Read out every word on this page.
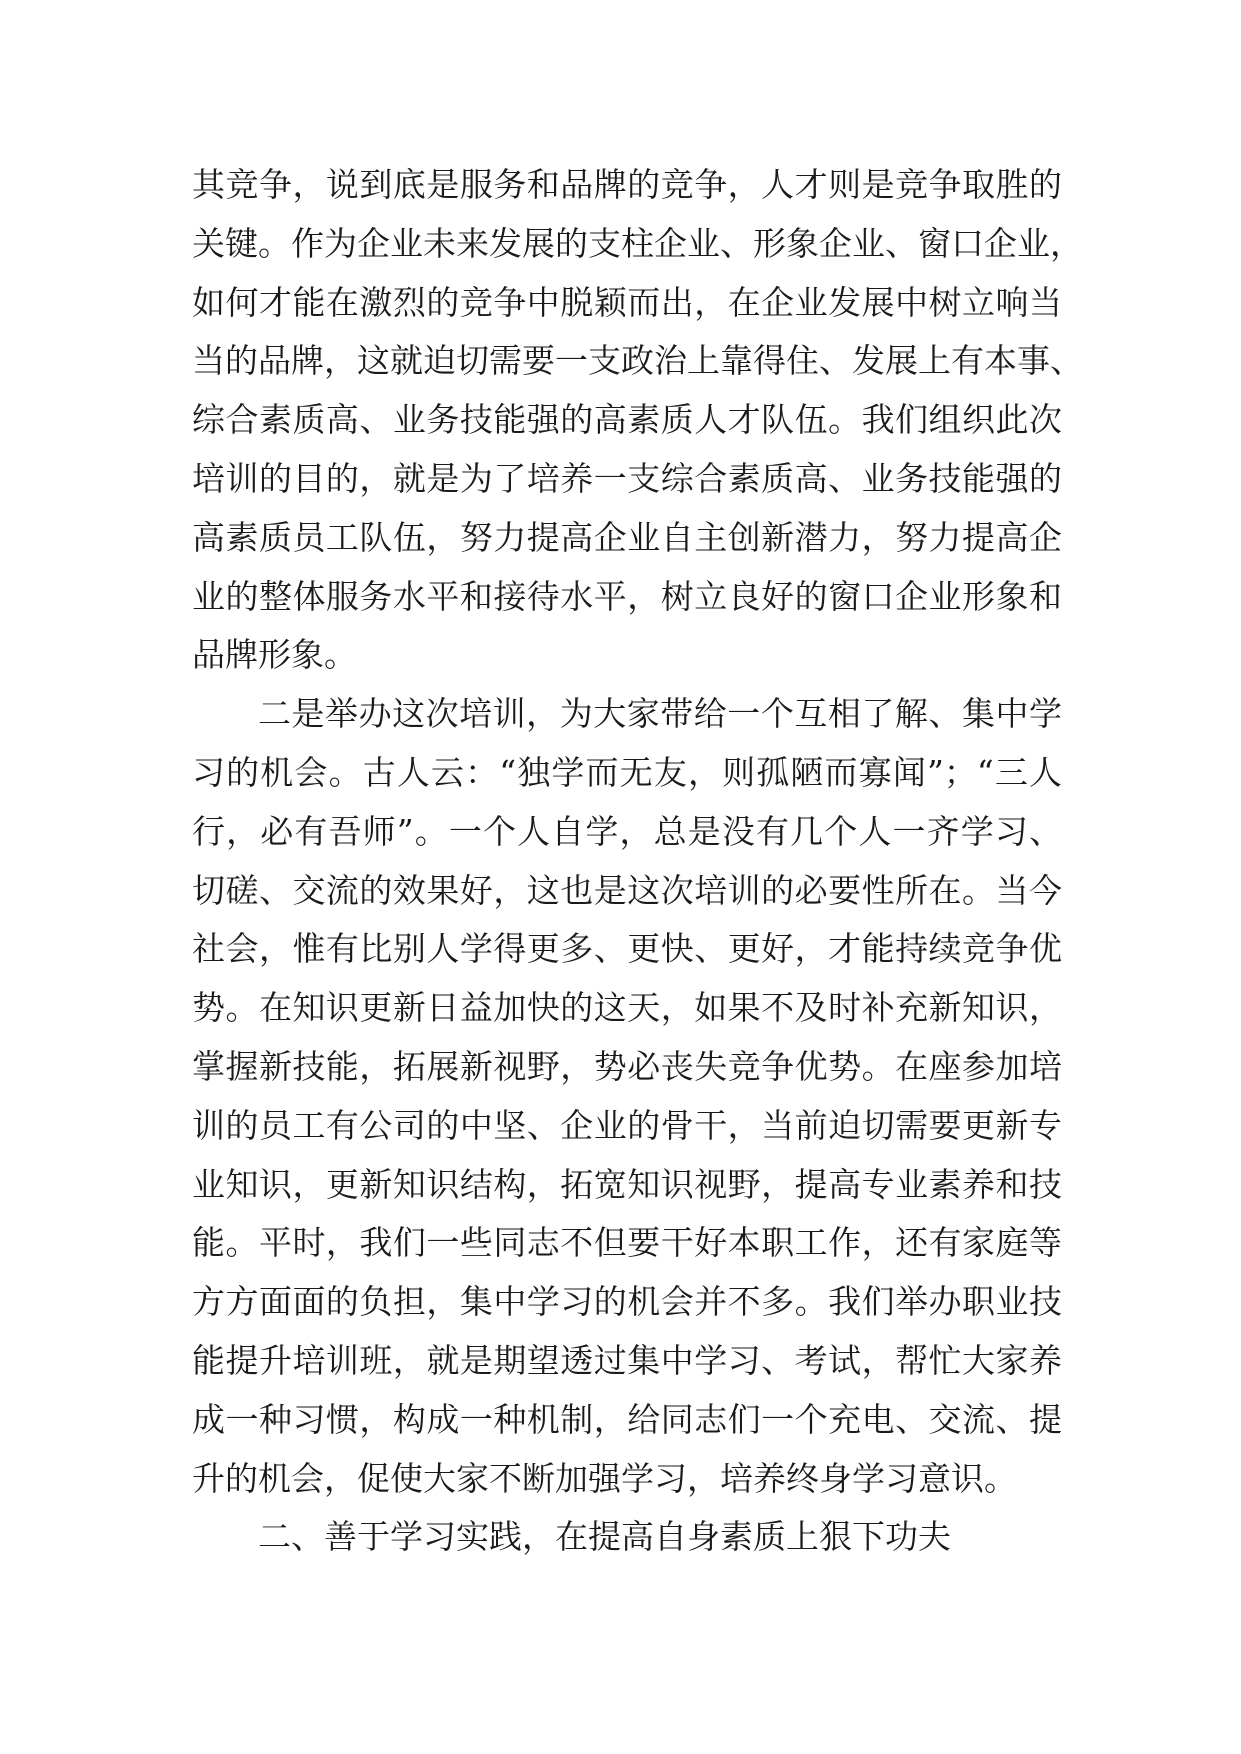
其竞争，说到底是服务和品牌的竞争，人才则是竞争取胜的
关键。作为企业未来发展的支柱企业、形象企业、窗口企业，
如何才能在激烈的竞争中脱颖而出，在企业发展中树立响当
当的品牌，这就迫切需要一支政治上靠得住、发展上有本事、
综合素质高、业务技能强的高素质人才队伍。我们组织此次
培训的目的，就是为了培养一支综合素质高、业务技能强的
高素质员工队伍，努力提高企业自主创新潜力，努力提高企
业的整体服务水平和接待水平，树立良好的窗口企业形象和
品牌形象。
二是举办这次培训，为大家带给一个互相了解、集中学
习的机会。古人云：“独学而无友，则孤陋而寡闻”；“三人
行，必有吾师”。一个人自学，总是没有几个人一齐学习、
切磋、交流的效果好，这也是这次培训的必要性所在。当今
社会，惟有比别人学得更多、更快、更好，才能持续竞争优
势。在知识更新日益加快的这天，如果不及时补充新知识，
掌握新技能，拓展新视野，势必丧失竞争优势。在座参加培
训的员工有公司的中坚、企业的骨干，当前迫切需要更新专
业知识，更新知识结构，拓宽知识视野，提高专业素养和技
能。平时，我们一些同志不但要干好本职工作，还有家庭等
方方面面的负担，集中学习的机会并不多。我们举办职业技
能提升培训班，就是期望透过集中学习、考试，帮忙大家养
成一种习惯，构成一种机制，给同志们一个充电、交流、提
升的机会，促使大家不断加强学习，培养终身学习意识。
二、善于学习实践，在提高自身素质上狠下功夫
